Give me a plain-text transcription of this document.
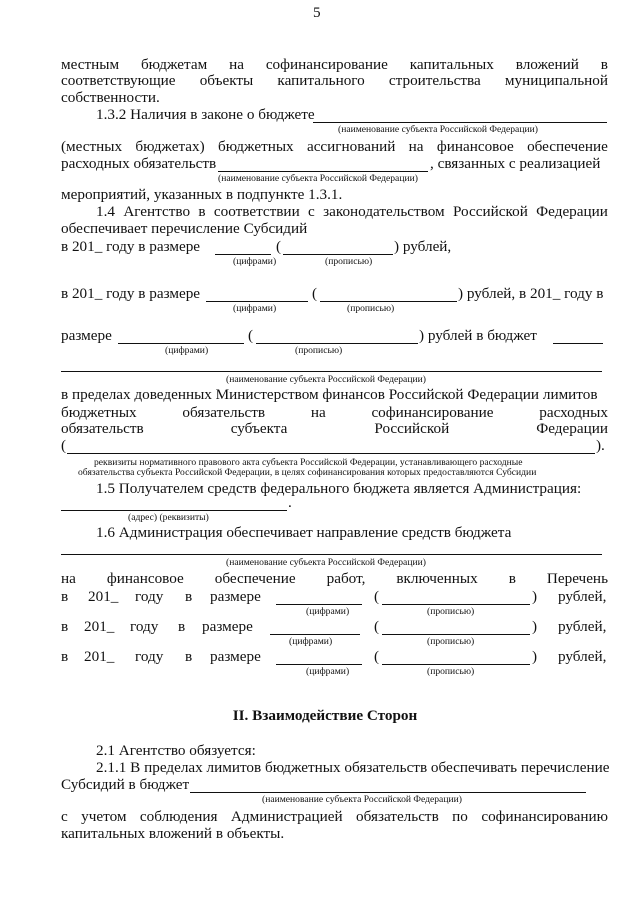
5
местным бюджетам на софинансирование капитальных вложений в
соответствующие объекты капитального строительства муниципальной
собственности.
1.3.2 Наличия в законе о бюджете
(наименование субъекта Российской Федерации)
(местных бюджетах) бюджетных ассигнований на финансовое обеспечение
расходных обязательств	, связанных с реализацией
(наименование субъекта Российской Федерации)
мероприятий, указанных в подпункте 1.3.1.
1.4 Агентство в соответствии с законодательством Российской Федерации
обеспечивает перечисление Субсидий
в 201_ году в размере	(	) рублей,
(цифрами)	(прописью)
в 201_ году в размере	(	) рублей, в 201_ году в
(цифрами)	(прописью)
размере	(	) рублей в бюджет
(цифрами)	(прописью)
(наименование субъекта Российской Федерации)
в пределах доведенных Министерством финансов Российской Федерации лимитов
бюджетных	обязательств	на	софинансирование	расходных
обязательств	субъекта	Российской	Федерации
(	).
реквизиты нормативного правового акта субъекта Российской Федерации, устанавливающего расходные
обязательства субъекта Российской Федерации, в целях софинансирования которых предоставляются Субсидии
1.5 Получателем средств федерального бюджета является Администрация:
.
(адрес) (реквизиты)
1.6 Администрация обеспечивает направление средств бюджета
(наименование субъекта Российской Федерации)
на финансовое обеспечение работ, включенных в Перечень
в 201_ году в размере	(	) рублей,
(цифрами)	(прописью)
в 201_ году в размере	(	) рублей,
(цифрами)	(прописью)
в 201_ году в размере	(	) рублей,
(цифрами)	(прописью)
II. Взаимодействие Сторон
2.1 Агентство обязуется:
2.1.1 В пределах лимитов бюджетных обязательств обеспечивать перечисление
Субсидий в бюджет
(наименование субъекта Российской Федерации)
с учетом соблюдения Администрацией обязательств по софинансированию
капитальных вложений в объекты.
